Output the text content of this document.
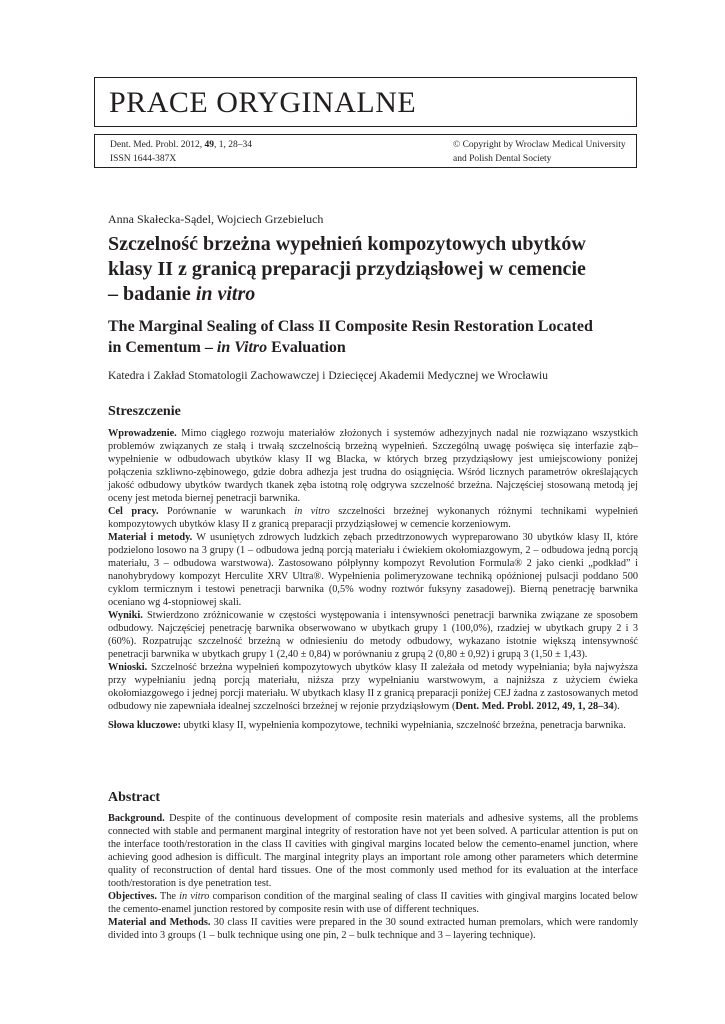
PRACE ORYGINALNE
Dent. Med. Probl. 2012, 49, 1, 28–34
ISSN 1644-387X
© Copyright by Wroclaw Medical University
and Polish Dental Society
Anna Skałecka-Sądel, Wojciech Grzebieluch
Szczelność brzeżna wypełnień kompozytowych ubytków
klasy II z granicą preparacji przydziąsłowej w cemencie
– badanie in vitro
The Marginal Sealing of Class II Composite Resin Restoration Located
in Cementum – in Vitro Evaluation
Katedra i Zakład Stomatologii Zachowawczej i Dziecięcej Akademii Medycznej we Wrocławiu
Streszczenie

Wprowadzenie. Mimo ciągłego rozwoju materiałów złożonych i systemów adhezyjnych nadal nie rozwiązano wszystkich problemów związanych ze stałą i trwałą szczelnością brzeżną wypełnień. Szczególną uwagę poświęca się interfazie ząb–wypełnienie w odbudowach ubytków klasy II wg Blacka, w których brzeg przydziąsłowy jest umiejscowiony poniżej połączenia szkliwno-zębinowego, gdzie dobra adhezja jest trudna do osiągnięcia. Wśród licznych parametrów określających jakość odbudowy ubytków twardych tkanek zęba istotną rolę odgrywa szczelność brzeżna. Najczęściej stosowaną metodą jej oceny jest metoda biernej penetracji barwnika.

Cel pracy. Porównanie w warunkach in vitro szczelności brzeżnej wykonanych różnymi technikami wypełnień kompozytowych ubytków klasy II z granicą preparacji przydziąsłowej w cemencie korzeniowym.

Materiał i metody. W usuniętych zdrowych ludzkich zębach przedtrzonowych wypreparowano 30 ubytków klasy II, które podzielono losowo na 3 grupy (1 – odbudowa jedną porcją materiału i ćwiekiem okołomiazgowym, 2 – odbudowa jedną porcją materiału, 3 – odbudowa warstwowa). Zastosowano półpłynny kompozyt Revolution Formula® 2 jako cienki „podkład” i nanohybrydowy kompozyt Herculite XRV Ultra®. Wypełnienia polimeryzowane techniką opóźnionej pulsacji poddano 500 cyklom termicznym i testowi penetracji barwnika (0,5% wodny roztwór fuksyny zasadowej). Bierną penetrację barwnika oceniano wg 4-stopniowej skali.

Wyniki. Stwierdzono zróżnicowanie w częstości występowania i intensywności penetracji barwnika związane ze sposobem odbudowy. Najczęściej penetrację barwnika obserwowano w ubytkach grupy 1 (100,0%), rzadziej w ubytkach grupy 2 i 3 (60%). Rozpatrując szczelność brzeżną w odniesieniu do metody odbudowy, wykazano istotnie większą intensywność penetracji barwnika w ubytkach grupy 1 (2,40 ± 0,84) w porównaniu z grupą 2 (0,80 ± 0,92) i grupą 3 (1,50 ± 1,43).

Wnioski. Szczelność brzeżna wypełnień kompozytowych ubytków klasy II zależała od metody wypełniania; była najwyższa przy wypełnianiu jedną porcją materiału, niższa przy wypełnianiu warstwowym, a najniższa z użyciem ćwieka okołomiazgowego i jednej porcji materiału. W ubytkach klasy II z granicą preparacji poniżej CEJ żadna z zastosowanych metod odbudowy nie zapewniała idealnej szczelności brzeżnej w rejonie przydziąsłowym (Dent. Med. Probl. 2012, 49, 1, 28–34).

Słowa kluczowe: ubytki klasy II, wypełnienia kompozytowe, techniki wypełniania, szczelność brzeżna, penetracja barwnika.

Abstract

Background. Despite of the continuous development of composite resin materials and adhesive systems, all the problems connected with stable and permanent marginal integrity of restoration have not yet been solved. A particular attention is put on the interface tooth/restoration in the class II cavities with gingival margins located below the cemento-enamel junction, where achieving good adhesion is difficult. The marginal integrity plays an important role among other parameters which determine quality of reconstruction of dental hard tissues. One of the most commonly used method for its evaluation at the interface tooth/restoration is dye penetration test.

Objectives. The in vitro comparison condition of the marginal sealing of class II cavities with gingival margins located below the cemento-enamel junction restored by composite resin with use of different techniques.

Material and Methods. 30 class II cavities were prepared in the 30 sound extracted human premolars, which were randomly divided into 3 groups (1 – bulk technique using one pin, 2 – bulk technique and 3 – layering technique).
